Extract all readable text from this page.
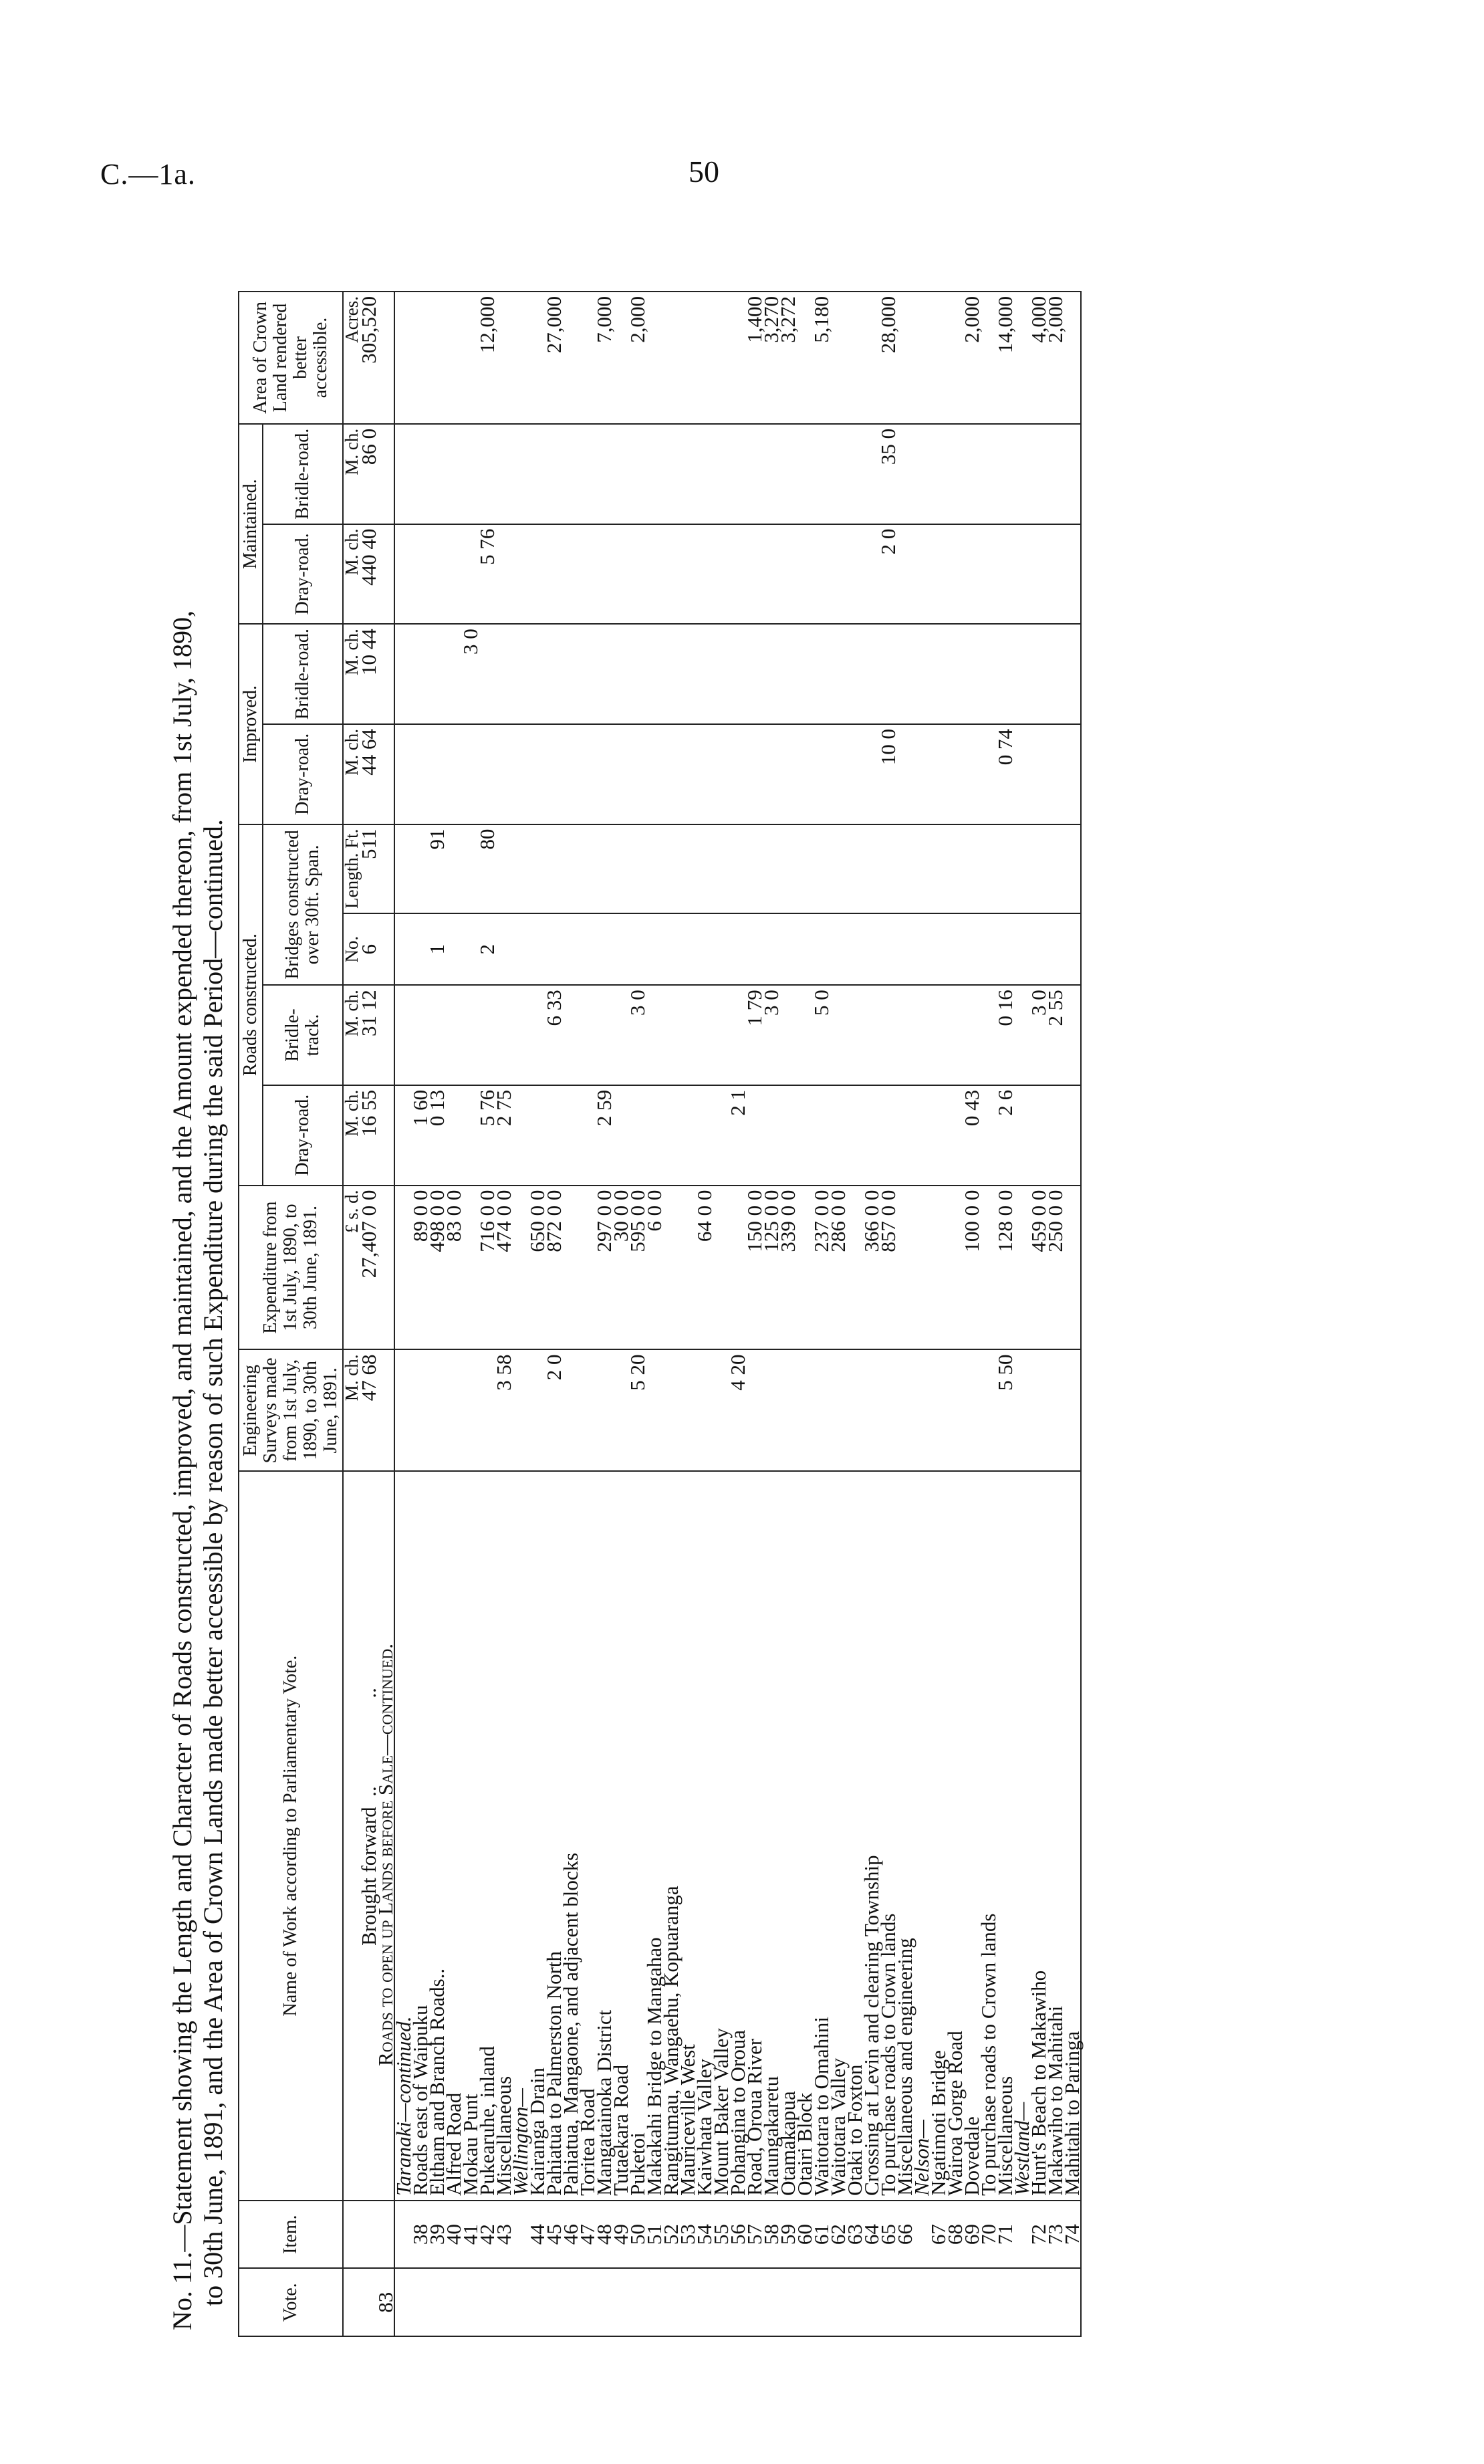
C.—1a.	50
No. 11.—Statement showing the Length and Character of Roads constructed, improved, and maintained, and the Amount expended thereon, from 1st July, 1890, to 30th June, 1891, and the Area of Crown Lands made better accessible by reason of such Expenditure during the said Period—continued.	Vote.	Item.	Name of Work according to Parliamentary Vote.	Engineering Surveys made from 1st July, 1890, to 30th June, 1891.	Expenditure from 1st July, 1890, to 30th June, 1891.	Roads constructed.				Improved.		Maintained.		Area of Crown Land rendered better accessible.
					Dray-road.	Bridle-track.	Bridges constructed over 30ft. Span.		Dray-road.	Bridle-road.	Dray-road.	Bridle-road.	

			M. ch.	£ s. d.	M. ch.	M. ch.	No.	Length. Ft.	M. ch.	M. ch.	M. ch.	M. ch.	Acres.
		Brought forward  ..                 ..	47 68	27,407 0 0	16 55	31 12	6	511	44 64	10 44	440 40	86 0	305,520
83		Roads to open up Lands before Sale—continued.											
		Taranaki—continued.											
	38	Roads east of Waipuku		89 0 0	1 60								
	39	Eltham and Branch Roads..		498 0 0	0 13		1	91					
	40	Alfred Road		83 0 0									
	41	Mokau Punt								3 0			
	42	Pukearuhe, inland		716 0 0	5 76		2	80			5 76		12,000
	43	Miscellaneous	3 58	474 0 0	2 75								
		Wellington—											
	44	Kairanga Drain		650 0 0									
	45	Pahiatua to Palmerston North	2 0	872 0 0		6 33							27,000
	46	Pahiatua, Mangaone, and adjacent blocks											
	47	Toritea Road											
	48	Mangatainoka District		297 0 0	2 59								7,000
	49	Tutaekara Road		30 0 0									
	50	Puketoi	5 20	595 0 0		3 0							2,000
	51	Makakahi Bridge to Mangahao		6 0 0									
	52	Rangitumau, Wangaehu, Kopuaranga											
	53	Mauriceville West											
	54	Kaiwhata Valley		64 0 0									
	55	Mount Baker Valley											
	56	Pohangina to Oroua	4 20		2 1								
	57	Road, Oroua River		150 0 0		1 79							1,400
	58	Maungakaretu		125 0 0		3 0							3,270
	59	Otamakapua		339 0 0									3,272
	60	Otairi Block											
	61	Waitotara to Omahini		237 0 0		5 0							5,180
	62	Waitotara Valley		286 0 0									
	63	Otaki to Foxton											
	64	Crossing at Levin and clearing Township		366 0 0									
	65	To purchase roads to Crown lands		857 0 0					10 0		2 0	35 0	28,000
	66	Miscellaneous and engineering											
		Nelson—											
	67	Ngatimoti Bridge											
	68	Wairoa Gorge Road											
	69	Dovedale		100 0 0	0 43								2,000
	70	To purchase roads to Crown lands											
	71	Miscellaneous	5 50	128 0 0	2 6	0 16			0 74				14,000
		Westland—											
	72	Hunt's Beach to Makawiho		459 0 0		3 0							4,000
	73	Makawiho to Mahitahi		250 0 0		2 55							2,000
	74	Mahitahi to Paringa											
